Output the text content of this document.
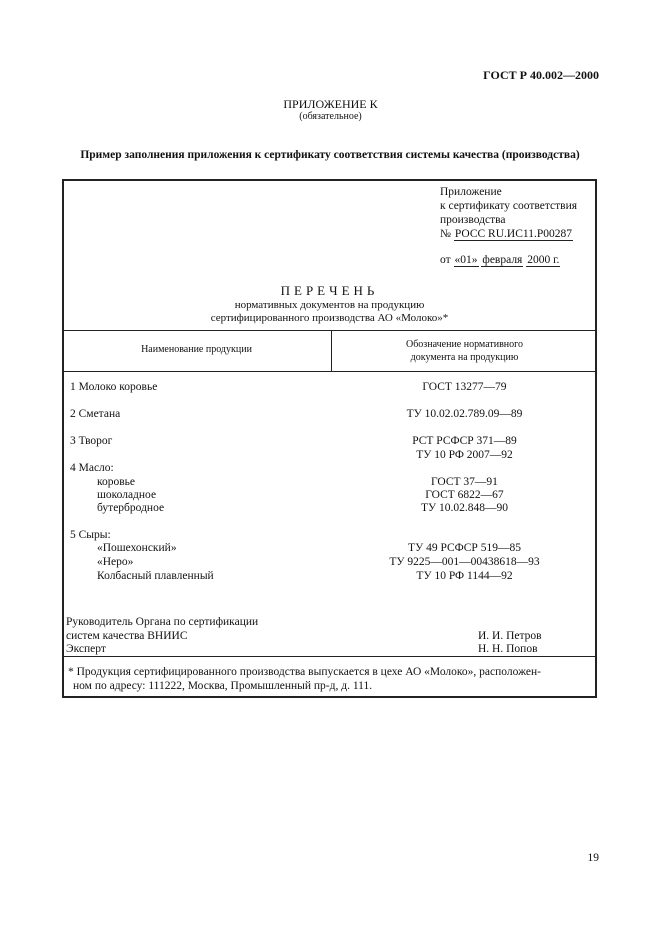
ГОСТ Р 40.002—2000
ПРИЛОЖЕНИЕ К
(обязательное)
Пример заполнения приложения к сертификату соответствия системы качества (производства)
Приложение
к сертификату соответствия
производства
№ РОСС RU.ИС11.Р00287
от «01» февраля 2000 г.
ПЕРЕЧЕНЬ
нормативных документов на продукцию
сертифицированного производства АО «Молоко»*
Наименование продукции	Обозначение нормативного
документа на продукцию
1 Молоко коровье	ГОСТ 13277—79
2 Сметана	ТУ 10.02.02.789.09—89
3 Творог	РСТ РСФСР 371—89
ТУ 10 РФ 2007—92
4 Масло:
коровье	ГОСТ 37—91
шоколадное	ГОСТ 6822—67
бутербродное	ТУ 10.02.848—90
5 Сыры:
«Пошехонский»	ТУ 49 РСФСР 519—85
«Неро»	ТУ 9225—001—00438618—93
Колбасный плавленный	ТУ 10 РФ 1144—92
Руководитель Органа по сертификации
систем качества ВНИИС	И. И. Петров
Эксперт	Н. Н. Попов
* Продукция сертифицированного производства выпускается в цехе АО «Молоко», расположен-
ном по адресу: 111222, Москва, Промышленный пр-д, д. 111.
19
